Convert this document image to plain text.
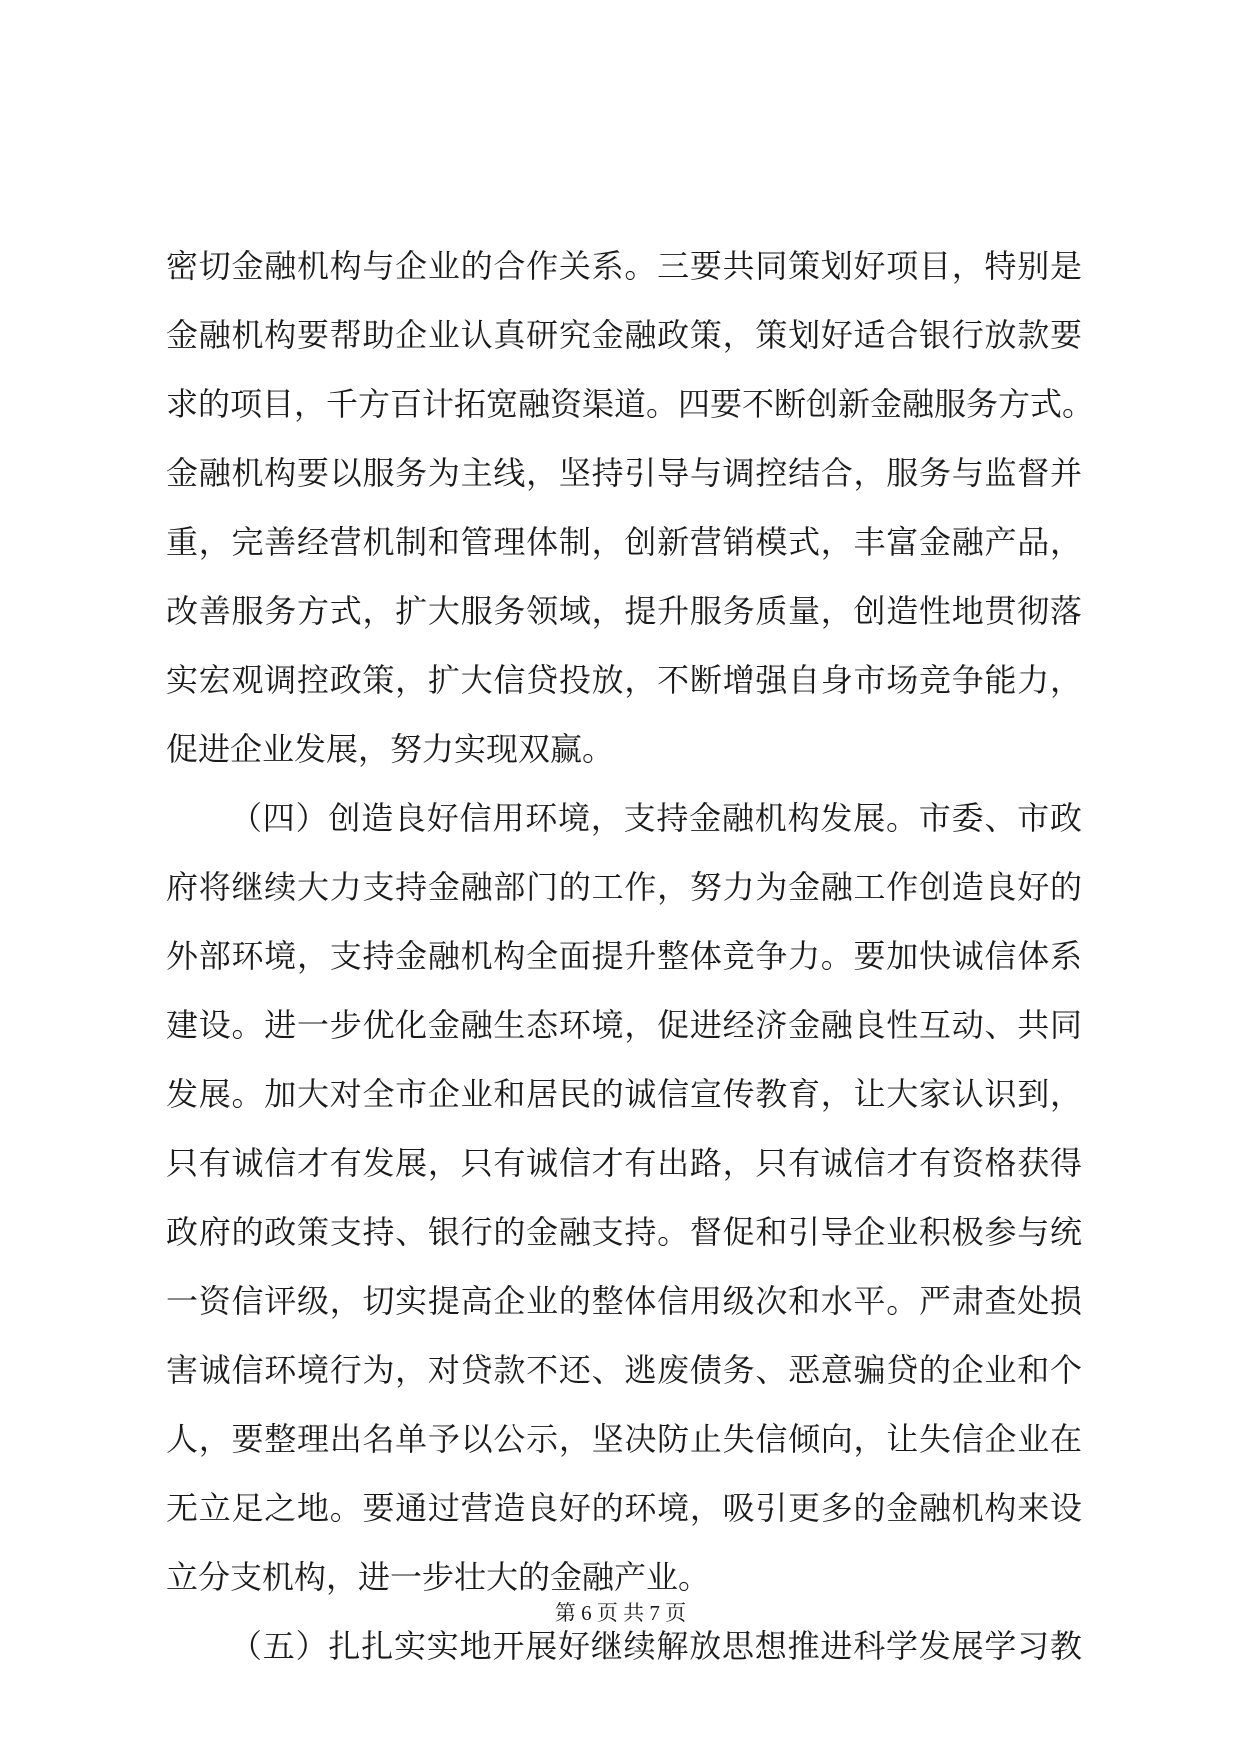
密切金融机构与企业的合作关系。三要共同策划好项目，特别是
金融机构要帮助企业认真研究金融政策，策划好适合银行放款要
求的项目，千方百计拓宽融资渠道。四要不断创新金融服务方式。
金融机构要以服务为主线，坚持引导与调控结合，服务与监督并
重，完善经营机制和管理体制，创新营销模式，丰富金融产品，
改善服务方式，扩大服务领域，提升服务质量，创造性地贯彻落
实宏观调控政策，扩大信贷投放，不断增强自身市场竞争能力，
促进企业发展，努力实现双赢。
（四）创造良好信用环境，支持金融机构发展。市委、市政
府将继续大力支持金融部门的工作，努力为金融工作创造良好的
外部环境，支持金融机构全面提升整体竞争力。要加快诚信体系
建设。进一步优化金融生态环境，促进经济金融良性互动、共同
发展。加大对全市企业和居民的诚信宣传教育，让大家认识到，
只有诚信才有发展，只有诚信才有出路，只有诚信才有资格获得
政府的政策支持、银行的金融支持。督促和引导企业积极参与统
一资信评级，切实提高企业的整体信用级次和水平。严肃查处损
害诚信环境行为，对贷款不还、逃废债务、恶意骗贷的企业和个
人，要整理出名单予以公示，坚决防止失信倾向，让失信企业在
无立足之地。要通过营造良好的环境，吸引更多的金融机构来设
立分支机构，进一步壮大的金融产业。
（五）扎扎实实地开展好继续解放思想推进科学发展学习教
第 6 页 共 7 页
